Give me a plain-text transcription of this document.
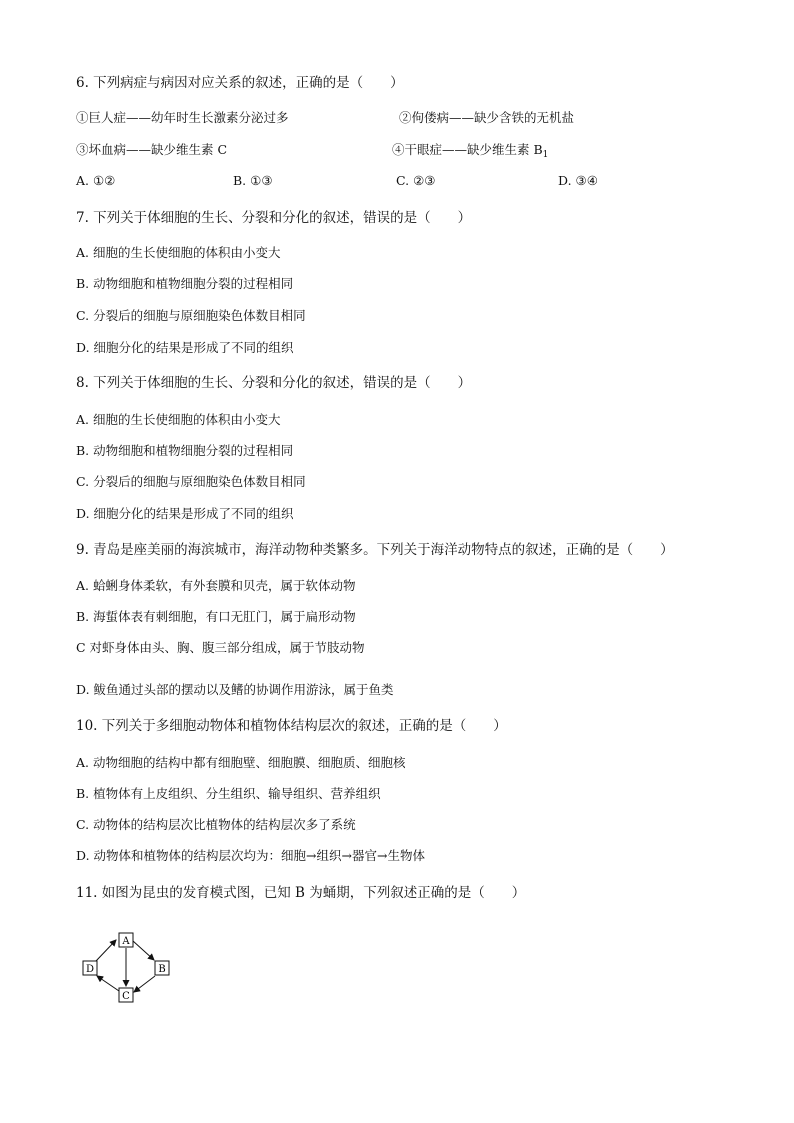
6. 下列病症与病因对应关系的叙述，正确的是（　　）
①巨人症——幼年时生长激素分泌过多	②佝偻病——缺少含铁的无机盐
③坏血病——缺少维生素 C	④干眼症——缺少维生素 $B_1$
A. ①②	B. ①③	C. ②③	D. ③④
7. 下列关于体细胞的生长、分裂和分化的叙述，错误的是（　　）
A. 细胞的生长使细胞的体积由小变大
B. 动物细胞和植物细胞分裂的过程相同
C. 分裂后的细胞与原细胞染色体数目相同
D. 细胞分化的结果是形成了不同的组织
8. 下列关于体细胞的生长、分裂和分化的叙述，错误的是（　　）
A. 细胞的生长使细胞的体积由小变大
B. 动物细胞和植物细胞分裂的过程相同
C. 分裂后的细胞与原细胞染色体数目相同
D. 细胞分化的结果是形成了不同的组织
9. 青岛是座美丽的海滨城市，海洋动物种类繁多。下列关于海洋动物特点的叙述，正确的是（　　）
A. 蛤蜊身体柔软，有外套膜和贝壳，属于软体动物
B. 海蜇体表有刺细胞，有口无肛门，属于扁形动物
C 对虾身体由头、胸、腹三部分组成，属于节肢动物
D. 鲅鱼通过头部的摆动以及鳍的协调作用游泳，属于鱼类
10. 下列关于多细胞动物体和植物体结构层次的叙述，正确的是（　　）
A. 动物细胞的结构中都有细胞壁、细胞膜、细胞质、细胞核
B. 植物体有上皮组织、分生组织、输导组织、营养组织
C. 动物体的结构层次比植物体的结构层次多了系统
D. 动物体和植物体的结构层次均为：细胞→组织→器官→生物体
11. 如图为昆虫的发育模式图，已知 B 为蛹期，下列叙述正确的是（　　）
A
B
C
D
